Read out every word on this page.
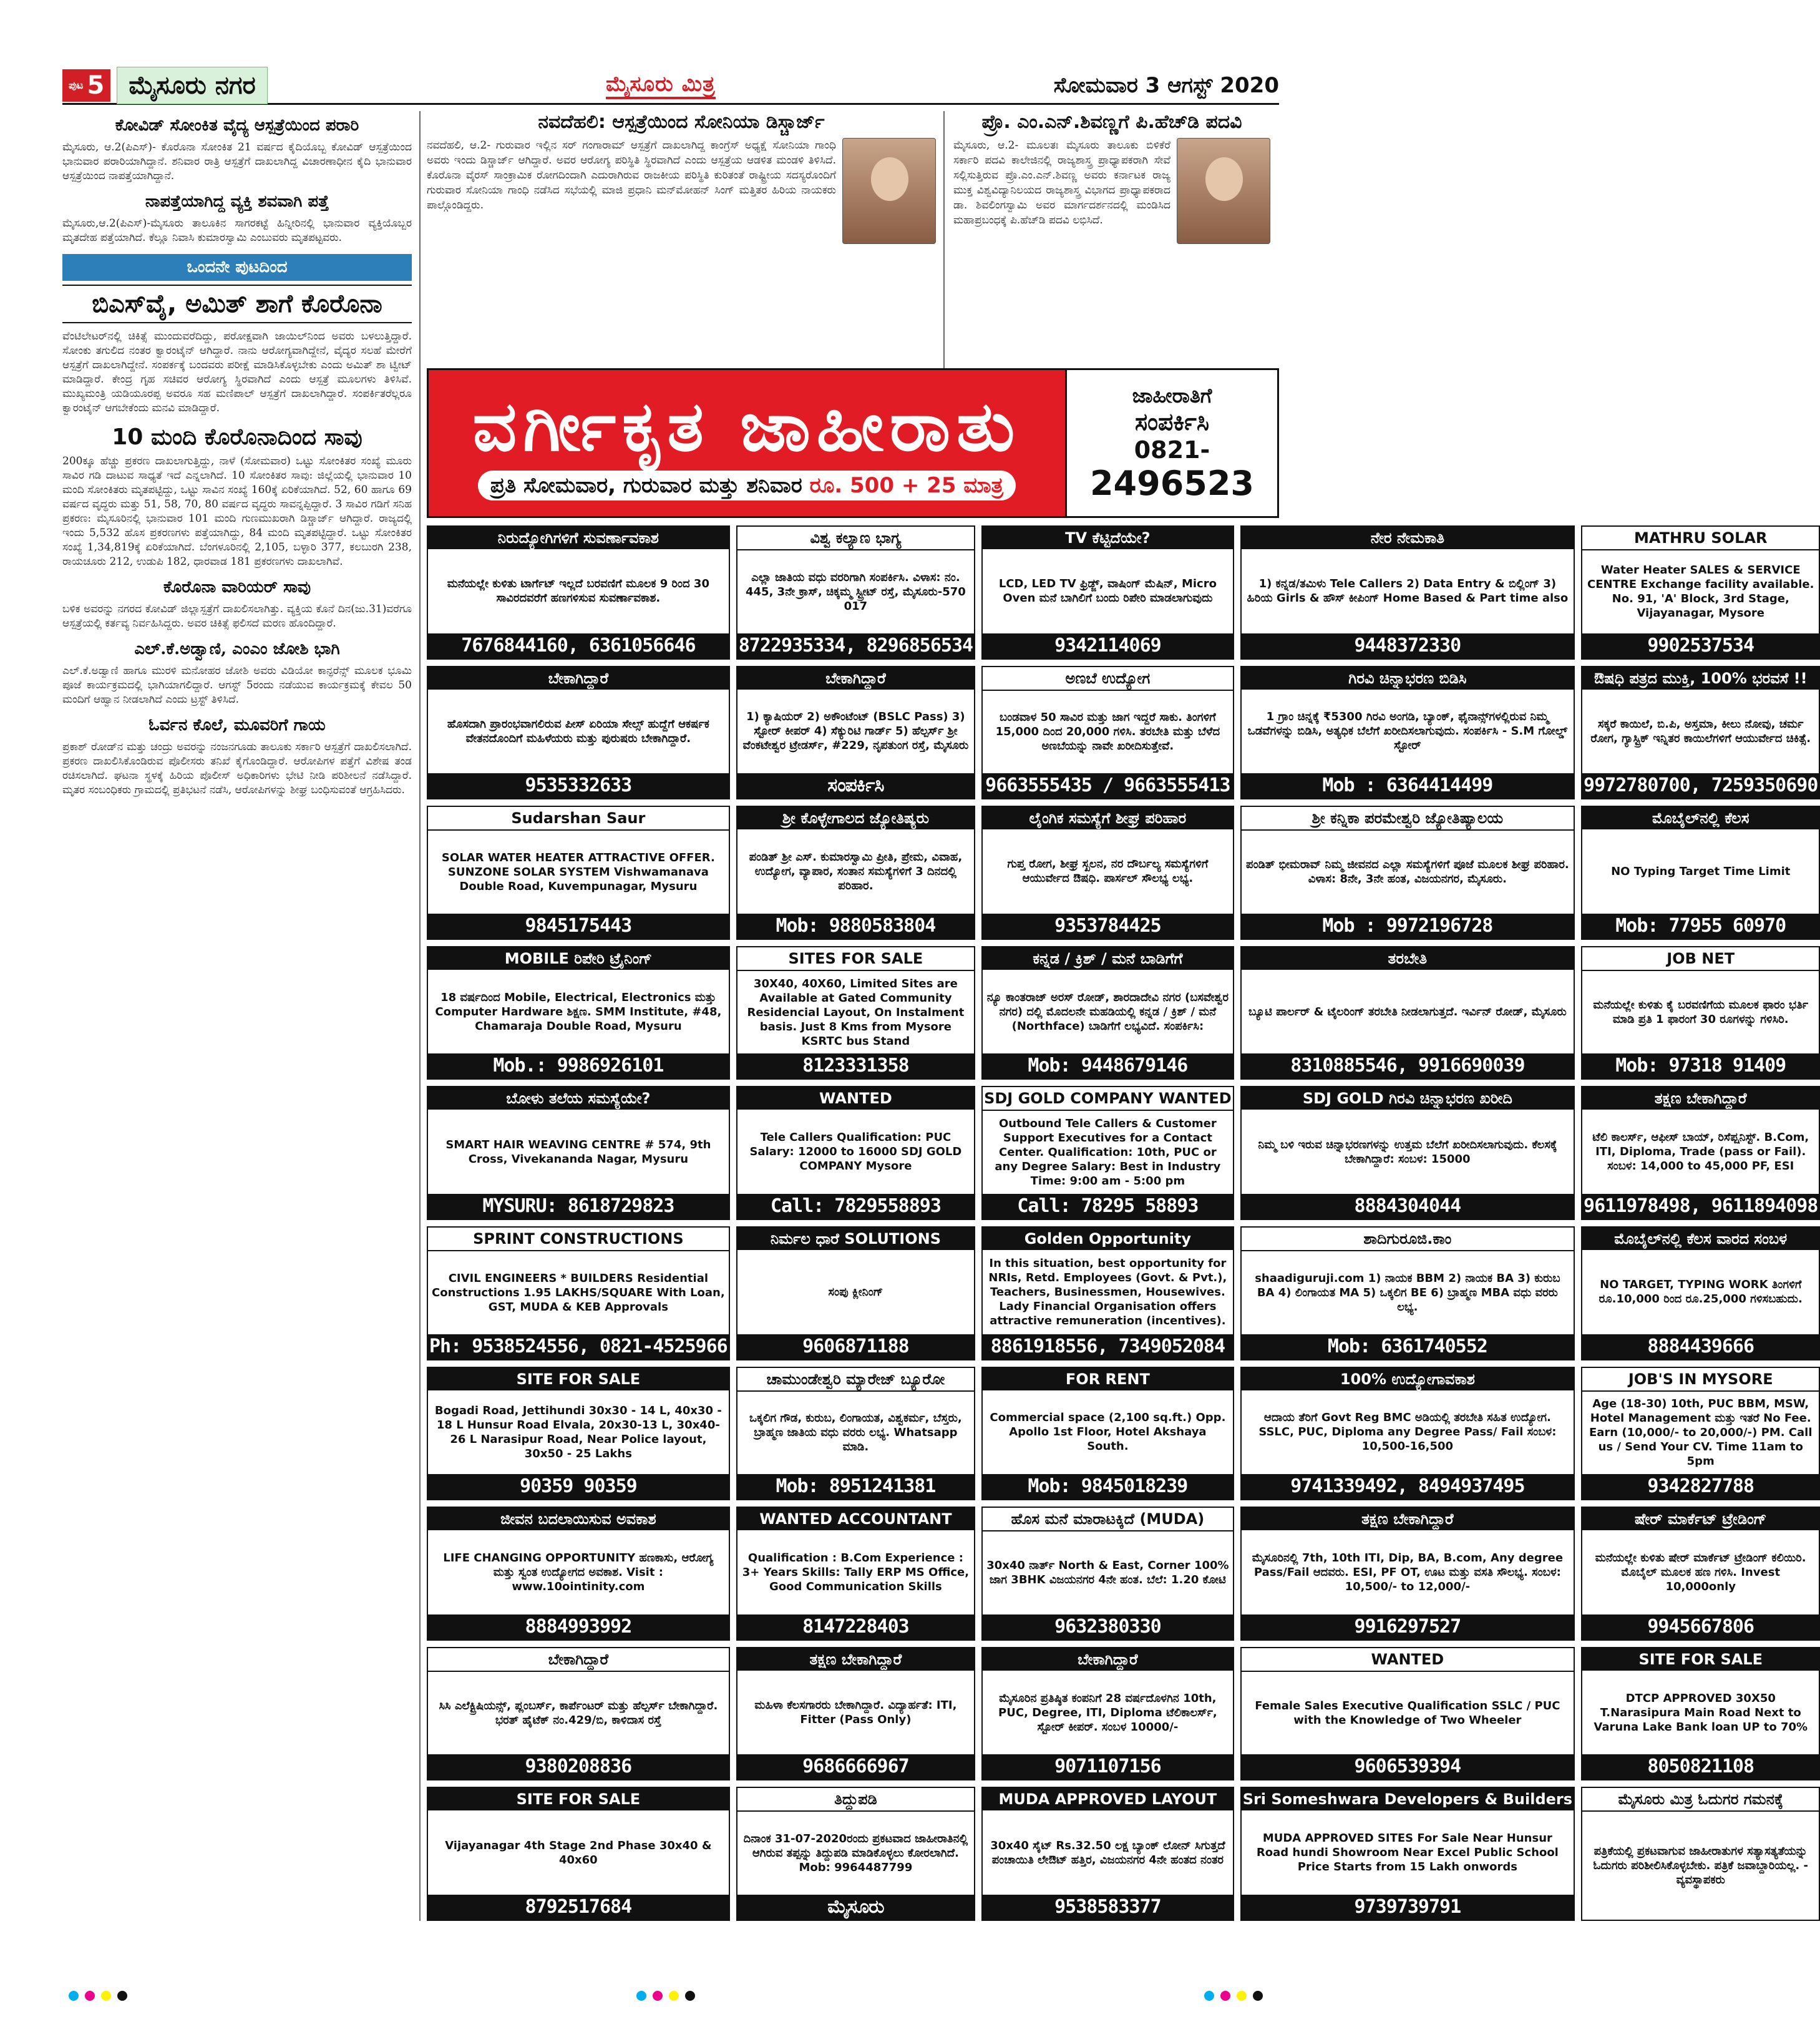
ಪುಟ 5 ಮೈಸೂರು ನಗರ	ಮೈಸೂರು ಮಿತ್ರ	ಸೋಮವಾರ 3 ಆಗಸ್ಟ್ 2020
ಕೋವಿಡ್ ಸೋಂಕಿತ ವೈದ್ಯ ಆಸ್ಪತ್ರೆಯಿಂದ ಪರಾರಿ

ಮೈಸೂರು, ಆ.2(ಪಿಎಸ್)- ಕೊರೊನಾ ಸೋಂಕಿತ 21 ವರ್ಷದ ಕೈದಿಯೊಬ್ಬ ಕೋವಿಡ್ ಆಸ್ಪತ್ರೆಯಿಂದ ಭಾನುವಾರ ಪರಾರಿಯಾಗಿದ್ದಾನೆ. ಶನಿವಾರ ರಾತ್ರಿ ಆಸ್ಪತ್ರೆಗೆ ದಾಖಲಾಗಿದ್ದ ವಿಚಾರಣಾಧೀನ ಕೈದಿ ಭಾನುವಾರ ಆಸ್ಪತ್ರೆಯಿಂದ ನಾಪತ್ತೆಯಾಗಿದ್ದಾನೆ.

ನಾಪತ್ತೆಯಾಗಿದ್ದ ವ್ಯಕ್ತಿ ಶವವಾಗಿ ಪತ್ತೆ

ಮೈಸೂರು,ಆ.2(ಪಿಎಸ್)-ಮೈಸೂರು ತಾಲೂಕಿನ ಸಾಗರಕಟ್ಟೆ ಹಿನ್ನೀರಿನಲ್ಲಿ ಭಾನುವಾರ ವ್ಯಕ್ತಿಯೊಬ್ಬರ ಮೃತದೇಹ ಪತ್ತೆಯಾಗಿದೆ. ಕೆಲ್ಲೂ ನಿವಾಸಿ ಕುಮಾರಸ್ವಾಮಿ ಎಂಬುವರು ಮೃತಪಟ್ಟವರು.

ಒಂದನೇ ಪುಟದಿಂದ
ಬಿಎಸ್‌ವೈ, ಅಮಿತ್ ಶಾಗೆ ಕೊರೊನಾ

ವೆಂಟಿಲೇಟರ್‌ನಲ್ಲಿ ಚಿಕಿತ್ಸೆ ಮುಂದುವರೆದಿದ್ದು, ಪರೋಕ್ಷವಾಗಿ ಜಾಯಿಲ್‌ನಿಂದ ಅವರು ಬಳಲುತ್ತಿದ್ದಾರೆ. ಸೋಂಕು ತಗುಲಿದ ನಂತರ ಕ್ವಾರಂಟೈನ್ ಆಗಿದ್ದಾರೆ. ನಾನು ಆರೋಗ್ಯವಾಗಿದ್ದೇನೆ, ವೈದ್ಯರ ಸಲಹೆ ಮೇರೆಗೆ ಆಸ್ಪತ್ರೆಗೆ ದಾಖಲಾಗಿದ್ದೇನೆ. ಸಂಪರ್ಕಕ್ಕೆ ಬಂದವರು ಪರೀಕ್ಷೆ ಮಾಡಿಸಿಕೊಳ್ಳಬೇಕು ಎಂದು ಅಮಿತ್ ಶಾ ಟ್ವೀಟ್ ಮಾಡಿದ್ದಾರೆ. ಕೇಂದ್ರ ಗೃಹ ಸಚಿವರ ಆರೋಗ್ಯ ಸ್ಥಿರವಾಗಿದೆ ಎಂದು ಆಸ್ಪತ್ರೆ ಮೂಲಗಳು ತಿಳಿಸಿವೆ. ಮುಖ್ಯಮಂತ್ರಿ ಯಡಿಯೂರಪ್ಪ ಅವರೂ ಸಹ ಮಣಿಪಾಲ್ ಆಸ್ಪತ್ರೆಗೆ ದಾಖಲಾಗಿದ್ದಾರೆ. ಸಂಪರ್ಕಿತರೆಲ್ಲರೂ ಕ್ವಾರಂಟೈನ್ ಆಗಬೇಕೆಂದು ಮನವಿ ಮಾಡಿದ್ದಾರೆ.

10 ಮಂದಿ ಕೊರೊನಾದಿಂದ ಸಾವು

200ಕ್ಕೂ ಹೆಚ್ಚು ಪ್ರಕರಣ ದಾಖಲಾಗುತ್ತಿದ್ದು, ನಾಳೆ (ಸೋಮವಾರ) ಒಟ್ಟು ಸೋಂಕಿತರ ಸಂಖ್ಯೆ ಮೂರು ಸಾವಿರ ಗಡಿ ದಾಟುವ ಸಾಧ್ಯತೆ ಇದೆ ಎನ್ನಲಾಗಿದೆ. 10 ಸೋಂಕಿತರ ಸಾವು: ಜಿಲ್ಲೆಯಲ್ಲಿ ಭಾನುವಾರ 10 ಮಂದಿ ಸೋಂಕಿತರು ಮೃತಪಟ್ಟಿದ್ದು, ಒಟ್ಟು ಸಾವಿನ ಸಂಖ್ಯೆ 160ಕ್ಕೆ ಏರಿಕೆಯಾಗಿದೆ. 52, 60 ಹಾಗೂ 69 ವರ್ಷದ ವೃದ್ಧರು ಮತ್ತು 51, 58, 70, 80 ವರ್ಷದ ವೃದ್ಧರು ಸಾವನ್ನಪ್ಪಿದ್ದಾರೆ. 3 ಸಾವಿರ ಗಡಿಗೆ ಸನಿಹ ಪ್ರಕರಣ: ಮೈಸೂರಿನಲ್ಲಿ ಭಾನುವಾರ 101 ಮಂದಿ ಗುಣಮುಖರಾಗಿ ಡಿಸ್ಚಾರ್ಜ್ ಆಗಿದ್ದಾರೆ. ರಾಜ್ಯದಲ್ಲಿ ಇಂದು 5,532 ಹೊಸ ಪ್ರಕರಣಗಳು ಪತ್ತೆಯಾಗಿದ್ದು, 84 ಮಂದಿ ಮೃತಪಟ್ಟಿದ್ದಾರೆ. ಒಟ್ಟು ಸೋಂಕಿತರ ಸಂಖ್ಯೆ 1,34,819ಕ್ಕೆ ಏರಿಕೆಯಾಗಿದೆ. ಬೆಂಗಳೂರಿನಲ್ಲಿ 2,105, ಬಳ್ಳಾರಿ 377, ಕಲಬುರಗಿ 238, ರಾಯಚೂರು 212, ಉಡುಪಿ 182, ಧಾರವಾಡ 181 ಪ್ರಕರಣಗಳು ದಾಖಲಾಗಿವೆ.

ಕೊರೊನಾ ವಾರಿಯರ್ ಸಾವು

ಬಳಿಕ ಅವರನ್ನು ನಗರದ ಕೋವಿಡ್ ಜಿಲ್ಲಾಸ್ಪತ್ರೆಗೆ ದಾಖಲಿಸಲಾಗಿತ್ತು. ವ್ಯಕ್ತಿಯ ಕೊನೆ ದಿನ(ಜು.31)ವರೆಗೂ ಆಸ್ಪತ್ರೆಯಲ್ಲಿ ಕರ್ತವ್ಯ ನಿರ್ವಹಿಸಿದ್ದರು. ಅವರ ಚಿಕಿತ್ಸೆ ಫಲಿಸದೆ ಮರಣ ಹೊಂದಿದ್ದಾರೆ.

ಎಲ್.ಕೆ.ಅಡ್ವಾಣಿ, ಎಂಎಂ ಜೋಶಿ ಭಾಗಿ

ಎಲ್.ಕೆ.ಅಡ್ವಾಣಿ ಹಾಗೂ ಮುರಳಿ ಮನೋಹರ ಜೋಶಿ ಅವರು ವಿಡಿಯೋ ಕಾನ್ಫರೆನ್ಸ್ ಮೂಲಕ ಭೂಮಿ ಪೂಜೆ ಕಾರ್ಯಕ್ರಮದಲ್ಲಿ ಭಾಗಿಯಾಗಲಿದ್ದಾರೆ. ಆಗಸ್ಟ್ 5ರಂದು ನಡೆಯುವ ಕಾರ್ಯಕ್ರಮಕ್ಕೆ ಕೇವಲ 50 ಮಂದಿಗೆ ಆಹ್ವಾನ ನೀಡಲಾಗಿದೆ ಎಂದು ಟ್ರಸ್ಟ್ ತಿಳಿಸಿದೆ.

ಓರ್ವನ ಕೊಲೆ, ಮೂವರಿಗೆ ಗಾಯ

ಪ್ರಕಾಶ್ ರೋಡ್‌ನ ಮತ್ತು ಚಂದ್ರು ಅವರನ್ನು ನಂಜನಗೂಡು ತಾಲೂಕು ಸರ್ಕಾರಿ ಆಸ್ಪತ್ರೆಗೆ ದಾಖಲಿಸಲಾಗಿದೆ. ಪ್ರಕರಣ ದಾಖಲಿಸಿಕೊಂಡಿರುವ ಪೊಲೀಸರು ತನಿಖೆ ಕೈಗೊಂಡಿದ್ದಾರೆ. ಆರೋಪಿಗಳ ಪತ್ತೆಗೆ ವಿಶೇಷ ತಂಡ ರಚಿಸಲಾಗಿದೆ. ಘಟನಾ ಸ್ಥಳಕ್ಕೆ ಹಿರಿಯ ಪೊಲೀಸ್ ಅಧಿಕಾರಿಗಳು ಭೇಟಿ ನೀಡಿ ಪರಿಶೀಲನೆ ನಡೆಸಿದ್ದಾರೆ. ಮೃತರ ಸಂಬಂಧಿಕರು ಗ್ರಾಮದಲ್ಲಿ ಪ್ರತಿಭಟನೆ ನಡೆಸಿ, ಆರೋಪಿಗಳನ್ನು ಶೀಘ್ರ ಬಂಧಿಸುವಂತೆ ಆಗ್ರಹಿಸಿದರು.

ನವದೆಹಲಿ: ಆಸ್ಪತ್ರೆಯಿಂದ ಸೋನಿಯಾ ಡಿಸ್ಚಾರ್ಜ್

ನವದೆಹಲಿ, ಆ.2- ಗುರುವಾರ ಇಲ್ಲಿನ ಸರ್ ಗಂಗಾರಾಮ್ ಆಸ್ಪತ್ರೆಗೆ ದಾಖಲಾಗಿದ್ದ ಕಾಂಗ್ರೆಸ್ ಅಧ್ಯಕ್ಷೆ ಸೋನಿಯಾ ಗಾಂಧಿ ಅವರು ಇಂದು ಡಿಸ್ಚಾರ್ಜ್ ಆಗಿದ್ದಾರೆ. ಅವರ ಆರೋಗ್ಯ ಪರಿಸ್ಥಿತಿ ಸ್ಥಿರವಾಗಿದೆ ಎಂದು ಆಸ್ಪತ್ರೆಯ ಆಡಳಿತ ಮಂಡಳಿ ತಿಳಿಸಿದೆ. ಕೊರೊನಾ ವೈರಸ್ ಸಾಂಕ್ರಾಮಿಕ ರೋಗದಿಂದಾಗಿ ಎದುರಾಗಿರುವ ರಾಜಕೀಯ ಪರಿಸ್ಥಿತಿ ಕುರಿತಂತೆ ರಾಷ್ಟ್ರೀಯ ಸದಸ್ಯರೊಂದಿಗೆ ಗುರುವಾರ ಸೋನಿಯಾ ಗಾಂಧಿ ನಡೆಸಿದ ಸಭೆಯಲ್ಲಿ ಮಾಜಿ ಪ್ರಧಾನಿ ಮನ್‌ಮೋಹನ್ ಸಿಂಗ್ ಮತ್ತಿತರ ಹಿರಿಯ ನಾಯಕರು ಪಾಲ್ಗೊಂಡಿದ್ದರು.

ಪ್ರೊ. ಎಂ.ಎನ್.ಶಿವಣ್ಣಗೆ ಪಿ.ಹೆಚ್‌ಡಿ ಪದವಿ

ಮೈಸೂರು, ಆ.2- ಮೂಲತಃ ಮೈಸೂರು ತಾಲೂಕು ಬಿಳಿಕೆರೆ ಸರ್ಕಾರಿ ಪದವಿ ಕಾಲೇಜಿನಲ್ಲಿ ರಾಜ್ಯಶಾಸ್ತ್ರ ಪ್ರಾಧ್ಯಾಪಕರಾಗಿ ಸೇವೆ ಸಲ್ಲಿಸುತ್ತಿರುವ ಪ್ರೊ.ಎಂ.ಎನ್.ಶಿವಣ್ಣ ಅವರು ಕರ್ನಾಟಕ ರಾಜ್ಯ ಮುಕ್ತ ವಿಶ್ವವಿದ್ಯಾನಿಲಯದ ರಾಜ್ಯಶಾಸ್ತ್ರ ವಿಭಾಗದ ಪ್ರಾಧ್ಯಾಪಕರಾದ ಡಾ. ಶಿವಲಿಂಗಸ್ವಾಮಿ ಅವರ ಮಾರ್ಗದರ್ಶನದಲ್ಲಿ ಮಂಡಿಸಿದ ಮಹಾಪ್ರಬಂಧಕ್ಕೆ ಪಿ.ಹೆಚ್‌ಡಿ ಪದವಿ ಲಭಿಸಿದೆ.

ವರ್ಗೀಕೃತ ಜಾಹೀರಾತು
ಪ್ರತಿ ಸೋಮವಾರ, ಗುರುವಾರ ಮತ್ತು ಶನಿವಾರ ರೂ. 500 + 25 ಮಾತ್ರ
ಜಾಹೀರಾತಿಗೆ
ಸಂಪರ್ಕಿಸಿ
0821-
2496523
ನಿರುದ್ಯೋಗಿಗಳಿಗೆ ಸುವರ್ಣಾವಕಾಶ
ಮನೆಯಲ್ಲೇ ಕುಳಿತು ಟಾರ್ಗೆಟ್ ಇಲ್ಲದೆ ಬರವಣಿಗೆ ಮೂಲಕ 9 ರಿಂದ 30 ಸಾವಿರದವರೆಗೆ ಹಣಗಳಿಸುವ ಸುವರ್ಣಾವಕಾಶ.
7676844160, 6361056646
ವಿಶ್ವ ಕಲ್ಯಾಣ ಭಾಗ್ಯ
ಎಲ್ಲಾ ಜಾತಿಯ ವಧು ವರರಿಗಾಗಿ ಸಂಪರ್ಕಿಸಿ. ವಿಳಾಸ: ನಂ. 445, 3ನೇ ಕ್ರಾಸ್, ಚಿಕ್ಕಮ್ಮ ಸ್ಟ್ರೀಟ್ ರಸ್ತೆ, ಮೈಸೂರು-570 017
8722935334, 8296856534
TV ಕೆಟ್ಟಿದೆಯೇ?
LCD, LED TV ಫ್ರಿಡ್ಜ್, ವಾಷಿಂಗ್ ಮೆಷಿನ್, Micro Oven ಮನೆ ಬಾಗಿಲಿಗೆ ಬಂದು ರಿಪೇರಿ ಮಾಡಲಾಗುವುದು
9342114069
ನೇರ ನೇಮಕಾತಿ
1) ಕನ್ನಡ/ತಮಿಳು Tele Callers 2) Data Entry & ಬಿಲ್ಲಿಂಗ್ 3) ಹಿರಿಯ Girls & ಹೌಸ್ ಕೀಪಿಂಗ್ Home Based & Part time also
9448372330
MATHRU SOLAR
Water Heater SALES & SERVICE CENTRE Exchange facility available. No. 91, 'A' Block, 3rd Stage, Vijayanagar, Mysore
9902537534
ಬೇಕಾಗಿದ್ದಾರೆ
ಹೊಸದಾಗಿ ಪ್ರಾರಂಭವಾಗಲಿರುವ ಪೀಸ್ ಏರಿಯಾ ಸೇಲ್ಸ್ ಹುದ್ದೆಗೆ ಆಕರ್ಷಕ ವೇತನದೊಂದಿಗೆ ಮಹಿಳೆಯರು ಮತ್ತು ಪುರುಷರು ಬೇಕಾಗಿದ್ದಾರೆ.
9535332633
ಬೇಕಾಗಿದ್ದಾರೆ
1) ಕ್ಯಾಷಿಯರ್ 2) ಅಕೌಂಟೆಂಟ್ (BSLC Pass) 3) ಸ್ಟೋರ್ ಕೀಪರ್ 4) ಸೆಕ್ಯುರಿಟಿ ಗಾರ್ಡ್ 5) ಹೆಲ್ಪರ್ಸ್ ಶ್ರೀ ವೆಂಕಟೇಶ್ವರ ಟ್ರೇಡರ್ಸ್, #229, ನೃಪತುಂಗ ರಸ್ತೆ, ಮೈಸೂರು
ಸಂಪರ್ಕಿಸಿ
ಅಣಬೆ ಉದ್ಯೋಗ
ಬಂಡವಾಳ 50 ಸಾವಿರ ಮತ್ತು ಜಾಗ ಇದ್ದರೆ ಸಾಕು. ತಿಂಗಳಿಗೆ 15,000 ದಿಂದ 20,000 ಗಳಿಸಿ. ತರಬೇತಿ ಮತ್ತು ಬೆಳೆದ ಅಣಬೆಯನ್ನು ನಾವೇ ಖರೀದಿಸುತ್ತೇವೆ.
9663555435 / 9663555413
ಗಿರವಿ ಚಿನ್ನಾಭರಣ ಬಿಡಿಸಿ
1 ಗ್ರಾಂ ಚಿನ್ನಕ್ಕೆ ₹5300 ಗಿರವಿ ಅಂಗಡಿ, ಬ್ಯಾಂಕ್, ಫೈನಾನ್ಸ್‌ಗಳಲ್ಲಿರುವ ನಿಮ್ಮ ಒಡವೆಗಳನ್ನು ಬಿಡಿಸಿ, ಅತ್ಯಧಿಕ ಬೆಲೆಗೆ ಖರೀದಿಸಲಾಗುವುದು. ಸಂಪರ್ಕಿಸಿ - S.M ಗೋಲ್ಡ್ ಸ್ಟೋರ್
Mob : 6364414499
ಔಷಧಿ ಪತ್ರದ ಮುಕ್ತಿ, 100% ಭರವಸೆ !!
ಸಕ್ಕರೆ ಕಾಯಿಲೆ, ಬಿ.ಪಿ, ಅಸ್ತಮಾ, ಕೀಲು ನೋವು, ಚರ್ಮ ರೋಗ, ಗ್ಯಾಸ್ಟ್ರಿಕ್ ಇನ್ನಿತರ ಕಾಯಿಲೆಗಳಿಗೆ ಆಯುರ್ವೇದ ಚಿಕಿತ್ಸೆ.
9972780700, 7259350690
Sudarshan Saur
SOLAR WATER HEATER ATTRACTIVE OFFER. SUNZONE SOLAR SYSTEM Vishwamanava Double Road, Kuvempunagar, Mysuru
9845175443
ಶ್ರೀ ಕೊಳ್ಳೇಗಾಲದ ಜ್ಯೋತಿಷ್ಯರು
ಪಂಡಿತ್ ಶ್ರೀ ಎಸ್. ಕುಮಾರಸ್ವಾಮಿ ಪ್ರೀತಿ, ಪ್ರೇಮ, ವಿವಾಹ, ಉದ್ಯೋಗ, ವ್ಯಾಪಾರ, ಸಂತಾನ ಸಮಸ್ಯೆಗಳಿಗೆ 3 ದಿನದಲ್ಲಿ ಪರಿಹಾರ.
Mob: 9880583804
ಲೈಂಗಿಕ ಸಮಸ್ಯೆಗೆ ಶೀಘ್ರ ಪರಿಹಾರ
ಗುಪ್ತ ರೋಗ, ಶೀಘ್ರ ಸ್ಖಲನ, ನರ ದೌರ್ಬಲ್ಯ ಸಮಸ್ಯೆಗಳಿಗೆ ಆಯುರ್ವೇದ ಔಷಧಿ. ಪಾರ್ಸಲ್ ಸೌಲಭ್ಯ ಲಭ್ಯ.
9353784425
ಶ್ರೀ ಕನ್ನಿಕಾ ಪರಮೇಶ್ವರಿ ಜ್ಯೋತಿಷ್ಯಾಲಯ
ಪಂಡಿತ್ ಭೀಮರಾವ್ ನಿಮ್ಮ ಜೀವನದ ಎಲ್ಲಾ ಸಮಸ್ಯೆಗಳಿಗೆ ಪೂಜೆ ಮೂಲಕ ಶೀಘ್ರ ಪರಿಹಾರ. ವಿಳಾಸ: 8ನೇ, 3ನೇ ಹಂತ, ವಿಜಯನಗರ, ಮೈಸೂರು.
Mob : 9972196728
ಮೊಬೈಲ್‌ನಲ್ಲಿ ಕೆಲಸ
NO Typing Target Time Limit
Mob: 77955 60970
MOBILE ರಿಪೇರಿ ಟ್ರೈನಿಂಗ್
18 ವರ್ಷದಿಂದ Mobile, Electrical, Electronics ಮತ್ತು Computer Hardware ಶಿಕ್ಷಣ. SMM Institute, #48, Chamaraja Double Road, Mysuru
Mob.: 9986926101
SITES FOR SALE
30X40, 40X60, Limited Sites are Available at Gated Community Residencial Layout, On Instalment basis. Just 8 Kms from Mysore KSRTC bus Stand
8123331358
ಕನ್ನಡ / ಕ್ರಿಶ್ / ಮನೆ ಬಾಡಿಗೆಗೆ
ನ್ಯೂ ಕಾಂತರಾಜ್ ಅರಸ್ ರೋಡ್, ಶಾರದಾದೇವಿ ನಗರ (ಬಸವೇಶ್ವರ ನಗರ) ದಲ್ಲಿ ಮೊದಲನೇ ಮಹಡಿಯಲ್ಲಿ ಕನ್ನಡ / ಕ್ರಿಶ್ / ಮನೆ (Northface) ಬಾಡಿಗೆಗೆ ಲಭ್ಯವಿದೆ. ಸಂಪರ್ಕಿಸಿ:
Mob: 9448679146
ತರಬೇತಿ
ಬ್ಯೂಟಿ ಪಾರ್ಲರ್ & ಟೈಲರಿಂಗ್ ತರಬೇತಿ ನೀಡಲಾಗುತ್ತದೆ. ಇರ್ವಿನ್ ರೋಡ್, ಮೈಸೂರು
8310885546, 9916690039
JOB NET
ಮನೆಯಲ್ಲೇ ಕುಳಿತು ಕೈ ಬರವಣಿಗೆಯ ಮೂಲಕ ಫಾರಂ ಭರ್ತಿ ಮಾಡಿ ಪ್ರತಿ 1 ಫಾರಂಗೆ 30 ರೂಗಳನ್ನು ಗಳಿಸಿರಿ.
Mob: 97318 91409
ಬೋಳು ತಲೆಯ ಸಮಸ್ಯೆಯೇ?
SMART HAIR WEAVING CENTRE # 574, 9th Cross, Vivekananda Nagar, Mysuru
MYSURU: 8618729823
WANTED
Tele Callers Qualification: PUC Salary: 12000 to 16000 SDJ GOLD COMPANY Mysore
Call: 7829558893
SDJ GOLD COMPANY WANTED
Outbound Tele Callers & Customer Support Executives for a Contact Center. Qualification: 10th, PUC or any Degree Salary: Best in Industry Time: 9:00 am - 5:00 pm
Call: 78295 58893
SDJ GOLD ಗಿರವಿ ಚಿನ್ನಾಭರಣ ಖರೀದಿ
ನಿಮ್ಮ ಬಳಿ ಇರುವ ಚಿನ್ನಾಭರಣಗಳನ್ನು ಉತ್ತಮ ಬೆಲೆಗೆ ಖರೀದಿಸಲಾಗುವುದು. ಕೆಲಸಕ್ಕೆ ಬೇಕಾಗಿದ್ದಾರೆ: ಸಂಬಳ: 15000
8884304044
ತಕ್ಷಣ ಬೇಕಾಗಿದ್ದಾರೆ
ಟೆಲಿ ಕಾಲರ್ಸ್, ಆಫೀಸ್ ಬಾಯ್, ರಿಸೆಪ್ಷನಿಸ್ಟ್. B.Com, ITI, Diploma, Trade (pass or Fail). ಸಂಬಳ: 14,000 to 45,000 PF, ESI
9611978498, 9611894098
SPRINT CONSTRUCTIONS
CIVIL ENGINEERS * BUILDERS Residential Constructions 1.95 LAKHS/SQUARE With Loan, GST, MUDA & KEB Approvals
Ph: 9538524556, 0821-4525966
ನಿರ್ಮಲ ಧಾರೆ SOLUTIONS
ಸಂಪು ಕ್ಲೀನಿಂಗ್
9606871188
Golden Opportunity
In this situation, best opportunity for NRIs, Retd. Employees (Govt. & Pvt.), Teachers, Businessmen, Housewives. Lady Financial Organisation offers attractive remuneration (incentives).
8861918556, 7349052084
ಶಾದಿಗುರೂಜಿ.ಕಾಂ
shaadiguruji.com 1) ನಾಯಕ BBM 2) ನಾಯಕ BA 3) ಕುರುಬ BA 4) ಲಿಂಗಾಯತ MA 5) ಒಕ್ಕಲಿಗ BE 6) ಬ್ರಾಹ್ಮಣ MBA ವಧು ವರರು ಲಭ್ಯ.
Mob: 6361740552
ಮೊಬೈಲ್‌ನಲ್ಲಿ ಕೆಲಸ ವಾರದ ಸಂಬಳ
NO TARGET, TYPING WORK ತಿಂಗಳಿಗೆ ರೂ.10,000 ರಿಂದ ರೂ.25,000 ಗಳಿಸಬಹುದು.
8884439666
SITE FOR SALE
Bogadi Road, Jettihundi 30x30 - 14 L, 40x30 - 18 L Hunsur Road Elvala, 20x30-13 L, 30x40- 26 L Narasipur Road, Near Police layout, 30x50 - 25 Lakhs
90359 90359
ಚಾಮುಂಡೇಶ್ವರಿ ಮ್ಯಾರೇಜ್ ಬ್ಯೂರೋ
ಒಕ್ಕಲಿಗ ಗೌಡ, ಕುರುಬ, ಲಿಂಗಾಯತ, ವಿಶ್ವಕರ್ಮ, ಬೆಸ್ತರು, ಬ್ರಾಹ್ಮಣ ಜಾತಿಯ ವಧು ವರರು ಲಭ್ಯ. Whatsapp ಮಾಡಿ.
Mob: 8951241381
FOR RENT
Commercial space (2,100 sq.ft.) Opp. Apollo 1st Floor, Hotel Akshaya South.
Mob: 9845018239
100% ಉದ್ಯೋಗಾವಕಾಶ
ಆದಾಯ ತೆರಿಗೆ Govt Reg BMC ಅಡಿಯಲ್ಲಿ ತರಬೇತಿ ಸಹಿತ ಉದ್ಯೋಗ. SSLC, PUC, Diploma any Degree Pass/ Fail ಸಂಬಳ: 10,500-16,500
9741339492, 8494937495
JOB'S IN MYSORE
Age (18-30) 10th, PUC BBM, MSW, Hotel Management ಮತ್ತು ಇತರೆ No Fee. Earn (10,000/- to 20,000/-) PM. Call us / Send Your CV. Time 11am to 5pm
9342827788
ಜೀವನ ಬದಲಾಯಿಸುವ ಅವಕಾಶ
LIFE CHANGING OPPORTUNITY ಹಣಕಾಸು, ಆರೋಗ್ಯ ಮತ್ತು ಸ್ವಂತ ಉದ್ಯೋಗದ ಅವಕಾಶ. Visit : www.10ointinity.com
8884993992
WANTED ACCOUNTANT
Qualification : B.Com Experience : 3+ Years Skills: Tally ERP MS Office, Good Communication Skills
8147228403
ಹೊಸ ಮನೆ ಮಾರಾಟಕ್ಕಿದೆ (MUDA)
30x40 ನಾರ್ತ್ North & East, Corner 100% ಜಾಗ 3BHK ವಿಜಯನಗರ 4ನೇ ಹಂತ. ಬೆಲೆ: 1.20 ಕೋಟಿ
9632380330
ತಕ್ಷಣ ಬೇಕಾಗಿದ್ದಾರೆ
ಮೈಸೂರಿನಲ್ಲಿ 7th, 10th ITI, Dip, BA, B.com, Any degree Pass/Fail ಆದವರು. ESI, PF OT, ಊಟ ಮತ್ತು ವಸತಿ ಸೌಲಭ್ಯ. ಸಂಬಳ: 10,500/- to 12,000/-
9916297527
ಷೇರ್ ಮಾರ್ಕೆಟ್ ಟ್ರೇಡಿಂಗ್
ಮನೆಯಲ್ಲೇ ಕುಳಿತು ಷೇರ್ ಮಾರ್ಕೆಟ್ ಟ್ರೇಡಿಂಗ್ ಕಲಿಯಿರಿ. ಮೊಬೈಲ್ ಮೂಲಕ ಹಣ ಗಳಿಸಿ. Invest 10,000only
9945667806
ಬೇಕಾಗಿದ್ದಾರೆ
ಸಿಸಿ ಎಲೆಕ್ಟ್ರಿಷಿಯನ್ಸ್, ಪ್ಲಂಬರ್ಸ್, ಕಾರ್ಪೆಂಟರ್ ಮತ್ತು ಹೆಲ್ಪರ್ಸ್ ಬೇಕಾಗಿದ್ದಾರೆ. ಭರತ್ ಹೈಟೆಕ್ ನಂ.429/ಬಿ, ಕಾಳಿದಾಸ ರಸ್ತೆ
9380208836
ತಕ್ಷಣ ಬೇಕಾಗಿದ್ದಾರೆ
ಮಹಿಳಾ ಕೆಲಸಗಾರರು ಬೇಕಾಗಿದ್ದಾರೆ. ವಿದ್ಯಾರ್ಹತೆ: ITI, Fitter (Pass Only)
9686666967
ಬೇಕಾಗಿದ್ದಾರೆ
ಮೈಸೂರಿನ ಪ್ರತಿಷ್ಠಿತ ಕಂಪನಿಗೆ 28 ವರ್ಷದೊಳಗಿನ 10th, PUC, Degree, ITI, Diploma ಟೆಲಿಕಾಲರ್ಸ್, ಸ್ಟೋರ್ ಕೀಪರ್. ಸಂಬಳ 10000/-
9071107156
WANTED
Female Sales Executive Qualification SSLC / PUC with the Knowledge of Two Wheeler
9606539394
SITE FOR SALE
DTCP APPROVED 30X50 T.Narasipura Main Road Next to Varuna Lake Bank loan UP to 70%
8050821108
SITE FOR SALE
Vijayanagar 4th Stage 2nd Phase 30x40 & 40x60
8792517684
ತಿದ್ದುಪಡಿ
ದಿನಾಂಕ 31-07-2020ರಂದು ಪ್ರಕಟವಾದ ಜಾಹೀರಾತಿನಲ್ಲಿ ಆಗಿರುವ ತಪ್ಪನ್ನು ತಿದ್ದುಪಡಿ ಮಾಡಿಕೊಳ್ಳಲು ಕೋರಲಾಗಿದೆ. Mob: 9964487799
ಮೈಸೂರು
MUDA APPROVED LAYOUT
30x40 ಸೈಟ್ Rs.32.50 ಲಕ್ಷ ಬ್ಯಾಂಕ್ ಲೋನ್ ಸಿಗುತ್ತದೆ ಪಂಚಾಯಿತಿ ಲೇಔಟ್ ಹತ್ತಿರ, ವಿಜಯನಗರ 4ನೇ ಹಂತದ ನಂತರ
9538583377
Sri Someshwara Developers & Builders
MUDA APPROVED SITES For Sale Near Hunsur Road hundi Showroom Near Excel Public School Price Starts from 15 Lakh onwords
9739739791
ಮೈಸೂರು ಮಿತ್ರ ಓದುಗರ ಗಮನಕ್ಕೆ
ಪತ್ರಿಕೆಯಲ್ಲಿ ಪ್ರಕಟವಾಗುವ ಜಾಹೀರಾತುಗಳ ಸತ್ಯಾಸತ್ಯತೆಯನ್ನು ಓದುಗರು ಪರಿಶೀಲಿಸಿಕೊಳ್ಳಬೇಕು. ಪತ್ರಿಕೆ ಜವಾಬ್ದಾರಿಯಲ್ಲ. - ವ್ಯವಸ್ಥಾಪಕರು
